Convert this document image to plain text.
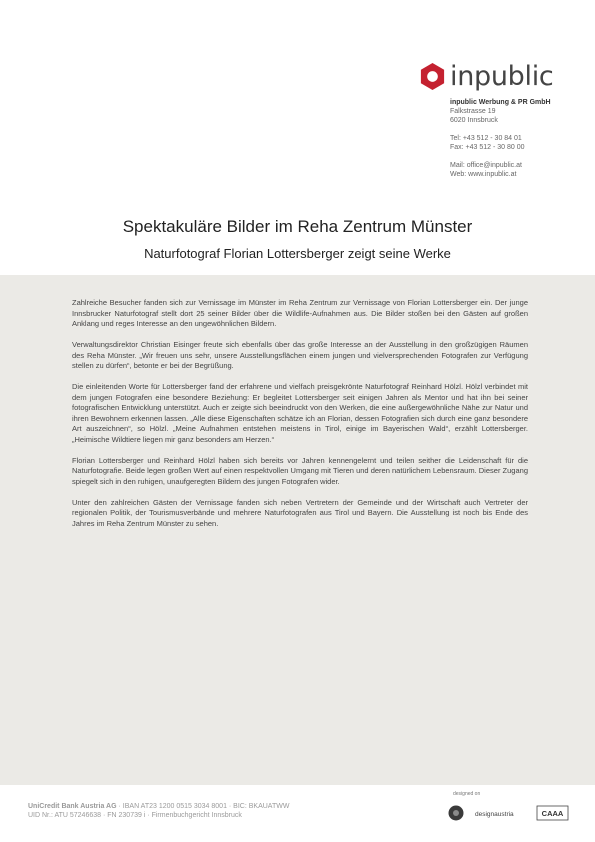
inpublic
inpublic Werbung & PR GmbH
Falkstrasse 19
6020 Innsbruck
Tel: +43 512 - 30 84 01
Fax: +43 512 - 30 80 00
Mail: office@inpublic.at
Web: www.inpublic.at
Spektakuläre Bilder im Reha Zentrum Münster
Naturfotograf Florian Lottersberger zeigt seine Werke

Zahlreiche Besucher fanden sich zur Vernissage im Münster im Reha Zentrum zur Vernissage von Florian Lottersberger ein. Der junge Innsbrucker Naturfotograf stellt dort 25 seiner Bilder über die Wildlife-Aufnahmen aus. Die Bilder stoßen bei den Gästen auf großen Anklang und reges Interesse an den ungewöhnlichen Bildern.

Verwaltungsdirektor Christian Eisinger freute sich ebenfalls über das große Interesse an der Ausstellung in den großzügigen Räumen des Reha Münster. „Wir freuen uns sehr, unsere Ausstellungsflächen einem jungen und vielversprechenden Fotografen zur Verfügung stellen zu dürfen“, betonte er bei der Begrüßung.

Die einleitenden Worte für Lottersberger fand der erfahrene und vielfach preisgekrönte Naturfotograf Reinhard Hölzl. Hölzl verbindet mit dem jungen Fotografen eine besondere Beziehung: Er begleitet Lottersberger seit einigen Jahren als Mentor und hat ihn bei seiner fotografischen Entwicklung unterstützt. Auch er zeigte sich beeindruckt von den Werken, die eine außergewöhnliche Nähe zur Natur und ihren Bewohnern erkennen lassen. „Alle diese Eigenschaften schätze ich an Florian, dessen Fotografien sich durch eine ganz besondere Art auszeichnen“, so Hölzl. „Meine Aufnahmen entstehen meistens in Tirol, einige im Bayerischen Wald“, erzählt Lottersberger. „Heimische Wildtiere liegen mir ganz besonders am Herzen.“

Florian Lottersberger und Reinhard Hölzl haben sich bereits vor Jahren kennengelernt und teilen seither die Leidenschaft für die Naturfotografie. Beide legen großen Wert auf einen respektvollen Umgang mit Tieren und deren natürlichem Lebensraum. Dieser Zugang spiegelt sich in den ruhigen, unaufgeregten Bildern des jungen Fotografen wider.

Unter den zahlreichen Gästen der Vernissage fanden sich neben Vertretern der Gemeinde und der Wirtschaft auch Vertreter der regionalen Politik, der Tourismusverbände und mehrere Naturfotografen aus Tirol und Bayern. Die Ausstellung ist noch bis Ende des Jahres im Reha Zentrum Münster zu sehen.

UniCredit Bank Austria AG · IBAN AT23 1200 0515 3034 8001 · BIC: BKAUATWW
UID Nr.: ATU 57246638 · FN 230739 i · Firmenbuchgericht Innsbruck
designed on
designaustria	CAAA
